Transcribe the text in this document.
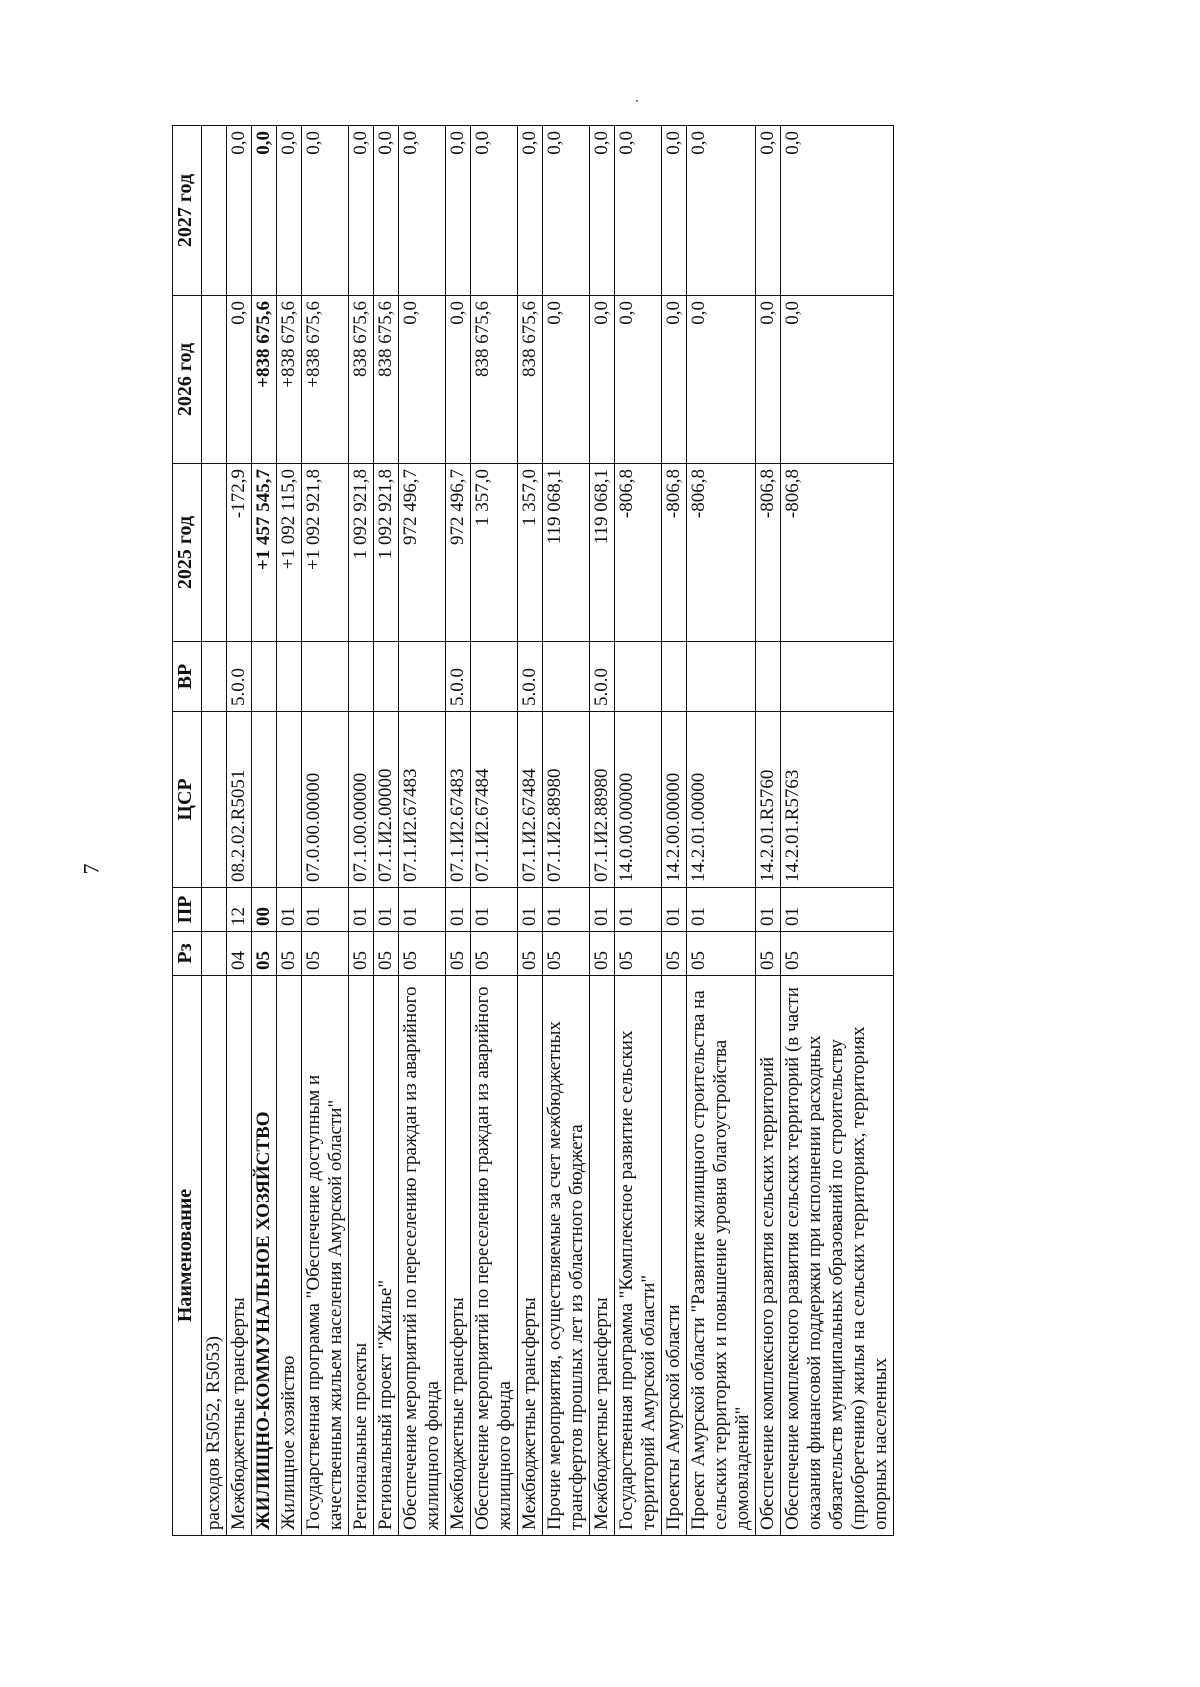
7
Наименование	Рз	ПР	ЦСР	ВР	2025 год	2026 год	2027 год
расходов R5052, R5053)							
Межбюджетные трансферты	04	12	08.2.02.R5051	5.0.0	-172,9	0,0	0,0
ЖИЛИЩНО-КОММУНАЛЬНОЕ ХОЗЯЙСТВО	05	00			+1 457 545,7	+838 675,6	0,0
Жилищное хозяйство	05	01			+1 092 115,0	+838 675,6	0,0
Государственная программа "Обеспечение доступным и качественным жильем населения Амурской области"	05	01	07.0.00.00000		+1 092 921,8	+838 675,6	0,0
Региональные проекты	05	01	07.1.00.00000		1 092 921,8	838 675,6	0,0
Региональный проект "Жилье"	05	01	07.1.И2.00000		1 092 921,8	838 675,6	0,0
Обеспечение мероприятий по переселению граждан из аварийного жилищного фонда	05	01	07.1.И2.67483		972 496,7	0,0	0,0
Межбюджетные трансферты	05	01	07.1.И2.67483	5.0.0	972 496,7	0,0	0,0
Обеспечение мероприятий по переселению граждан из аварийного жилищного фонда	05	01	07.1.И2.67484		1 357,0	838 675,6	0,0
Межбюджетные трансферты	05	01	07.1.И2.67484	5.0.0	1 357,0	838 675,6	0,0
Прочие мероприятия, осуществляемые за счет межбюджетных трансфертов прошлых лет из областного бюджета	05	01	07.1.И2.88980		119 068,1	0,0	0,0
Межбюджетные трансферты	05	01	07.1.И2.88980	5.0.0	119 068,1	0,0	0,0
Государственная программа "Комплексное развитие сельских территорий Амурской области"	05	01	14.0.00.00000		-806,8	0,0	0,0
Проекты Амурской области	05	01	14.2.00.00000		-806,8	0,0	0,0
Проект Амурской области "Развитие жилищного строительства на сельских территориях и повышение уровня благоустройства домовладений"	05	01	14.2.01.00000		-806,8	0,0	0,0
Обеспечение комплексного развития сельских территорий	05	01	14.2.01.R5760		-806,8	0,0	0,0
Обеспечение комплексного развития сельских территорий (в части оказания финансовой поддержки при исполнении расходных обязательств муниципальных образований по строительству (приобретению) жилья на сельских территориях, территориях опорных населенных	05	01	14.2.01.R5763		-806,8	0,0	0,0
